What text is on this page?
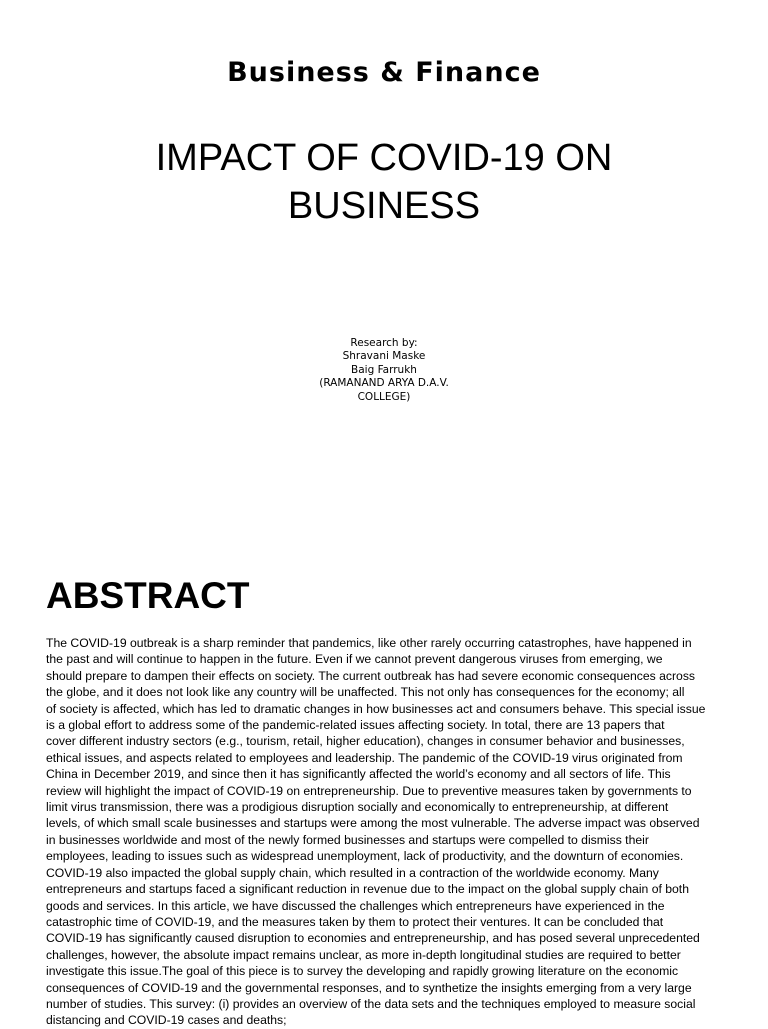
Business & Finance
IMPACT OF COVID-19 ON
BUSINESS
Research by:
Shravani Maske
Baig Farrukh
(RAMANAND ARYA D.A.V.
COLLEGE)
ABSTRACT
The COVID-19 outbreak is a sharp reminder that pandemics, like other rarely occurring catastrophes, have happened in
the past and will continue to happen in the future. Even if we cannot prevent dangerous viruses from emerging, we
should prepare to dampen their effects on society. The current outbreak has had severe economic consequences across
the globe, and it does not look like any country will be unaffected. This not only has consequences for the economy; all
of society is affected, which has led to dramatic changes in how businesses act and consumers behave. This special issue
is a global effort to address some of the pandemic-related issues affecting society. In total, there are 13 papers that
cover different industry sectors (e.g., tourism, retail, higher education), changes in consumer behavior and businesses,
ethical issues, and aspects related to employees and leadership. The pandemic of the COVID-19 virus originated from
China in December 2019, and since then it has significantly affected the world’s economy and all sectors of life. This
review will highlight the impact of COVID-19 on entrepreneurship. Due to preventive measures taken by governments to
limit virus transmission, there was a prodigious disruption socially and economically to entrepreneurship, at different
levels, of which small scale businesses and startups were among the most vulnerable. The adverse impact was observed
in businesses worldwide and most of the newly formed businesses and startups were compelled to dismiss their
employees, leading to issues such as widespread unemployment, lack of productivity, and the downturn of economies.
COVID-19 also impacted the global supply chain, which resulted in a contraction of the worldwide economy. Many
entrepreneurs and startups faced a significant reduction in revenue due to the impact on the global supply chain of both
goods and services. In this article, we have discussed the challenges which entrepreneurs have experienced in the
catastrophic time of COVID-19, and the measures taken by them to protect their ventures. It can be concluded that
COVID-19 has significantly caused disruption to economies and entrepreneurship, and has posed several unprecedented
challenges, however, the absolute impact remains unclear, as more in-depth longitudinal studies are required to better
investigate this issue.The goal of this piece is to survey the developing and rapidly growing literature on the economic
consequences of COVID-19 and the governmental responses, and to synthetize the insights emerging from a very large
number of studies. This survey: (i) provides an overview of the data sets and the techniques employed to measure social
distancing and COVID-19 cases and deaths;
